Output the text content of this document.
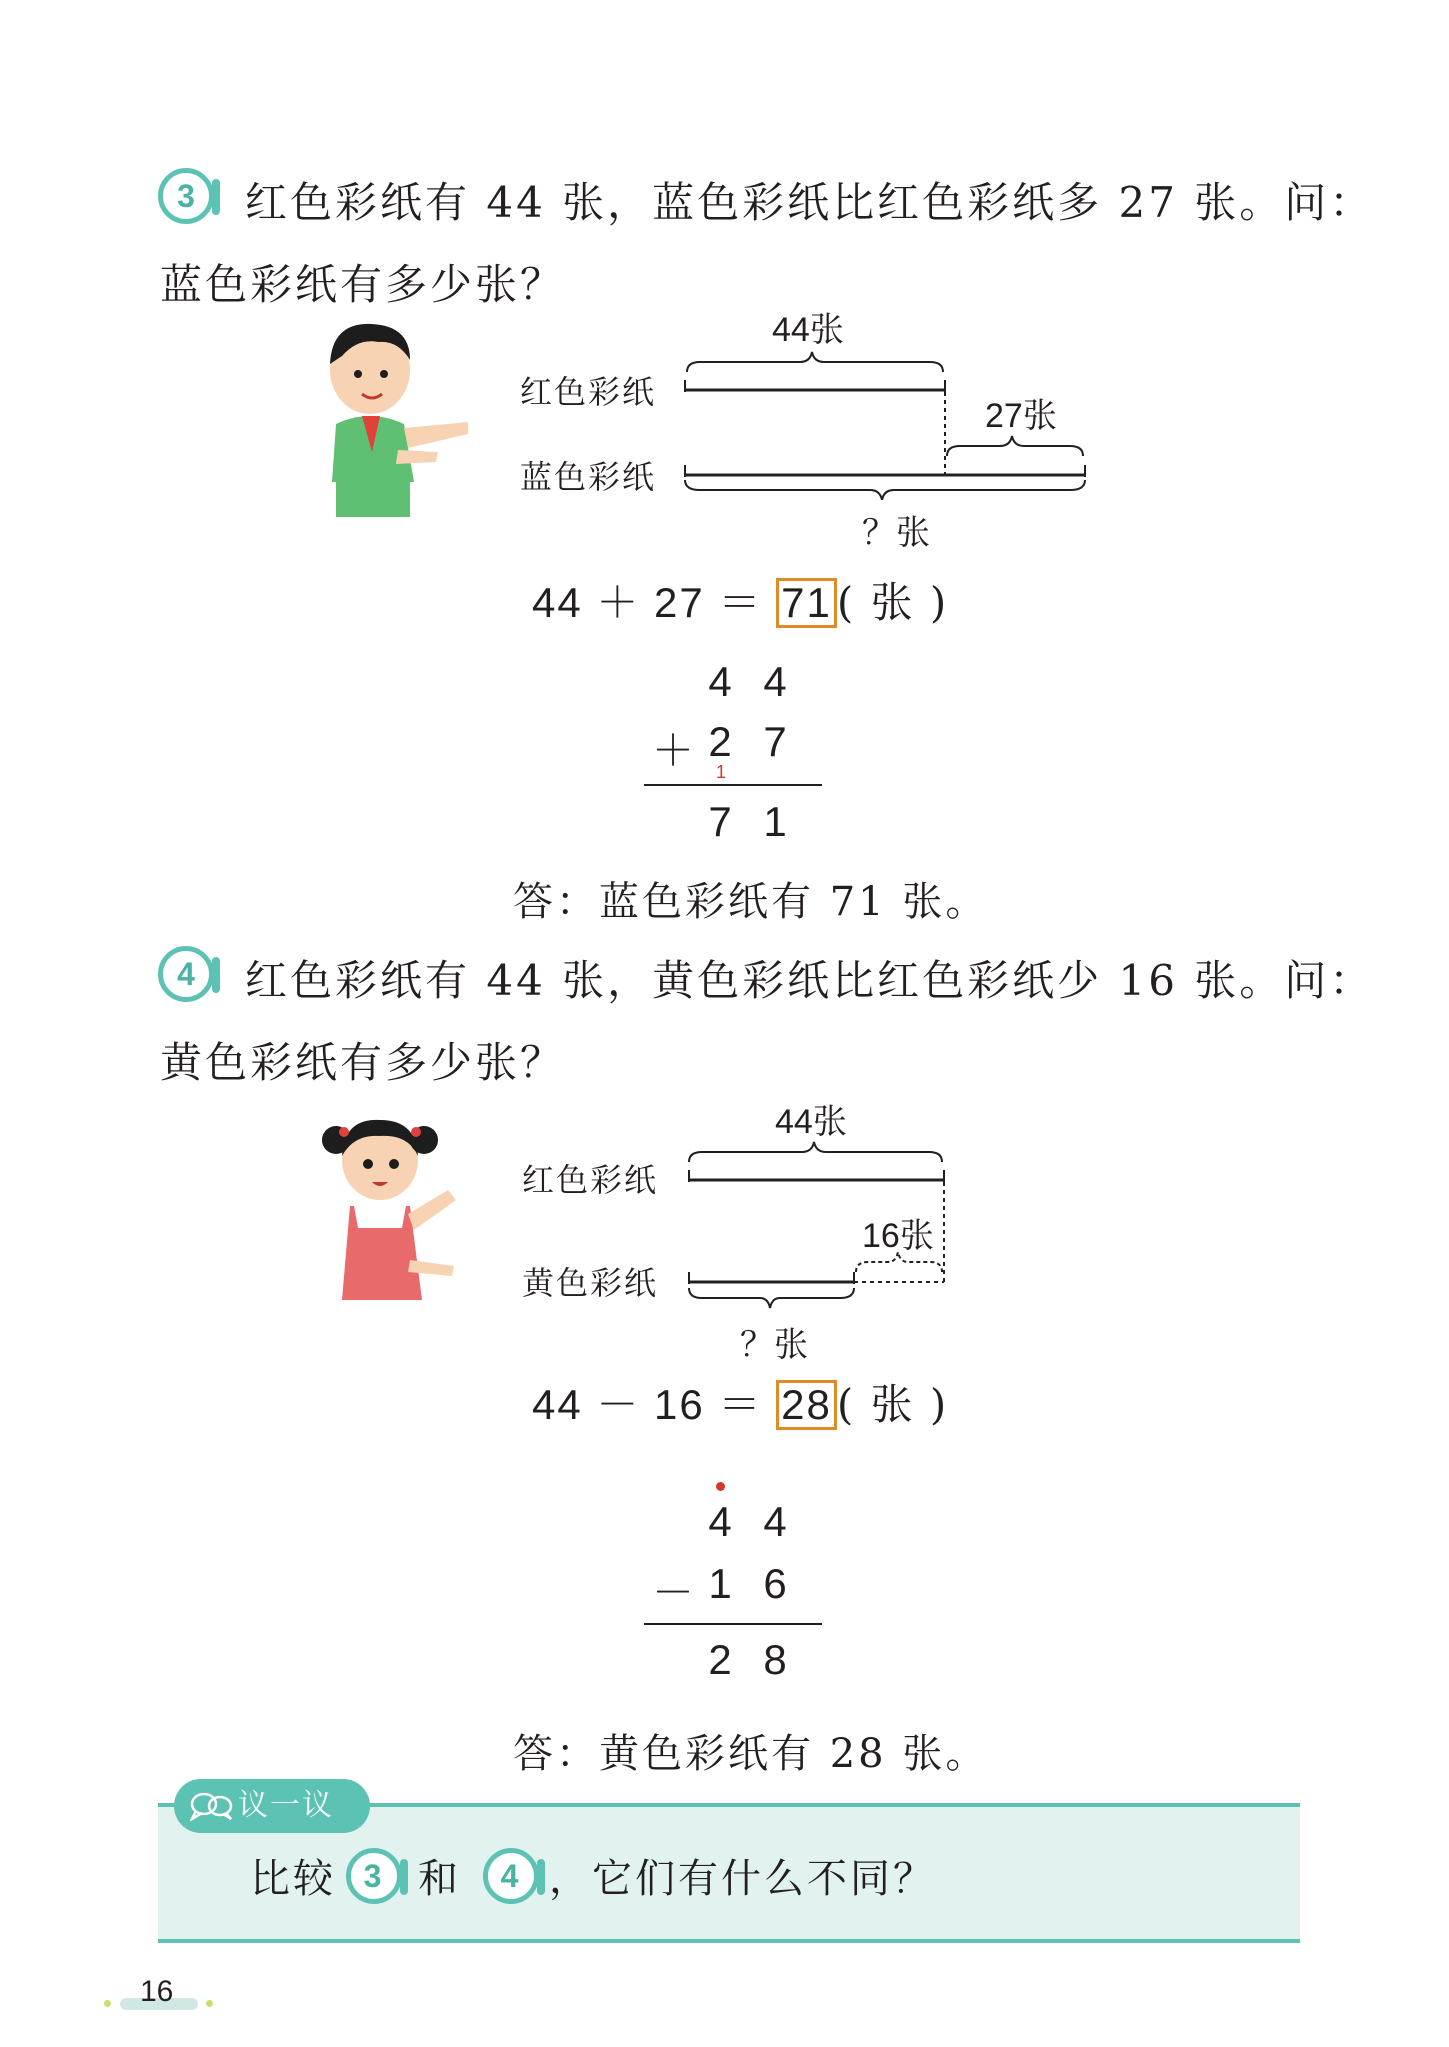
3	红色彩纸有 44 张，蓝色彩纸比红色彩纸多 27 张。问：
蓝色彩纸有多少张？
44张
红色彩纸
27张
蓝色彩纸
？张
44 ＋ 27 ＝ 71 ( 张 )
4 4
＋ 2 7
1
7 1
答：蓝色彩纸有 71 张。
4	红色彩纸有 44 张，黄色彩纸比红色彩纸少 16 张。问：
黄色彩纸有多少张？
44张
红色彩纸
16张
黄色彩纸
？张
44 － 16 ＝ 28 ( 张 )
4 4
－ 1 6
2 8
答：黄色彩纸有 28 张。
比较 3 和 4 ，它们有什么不同？
议一议
16
